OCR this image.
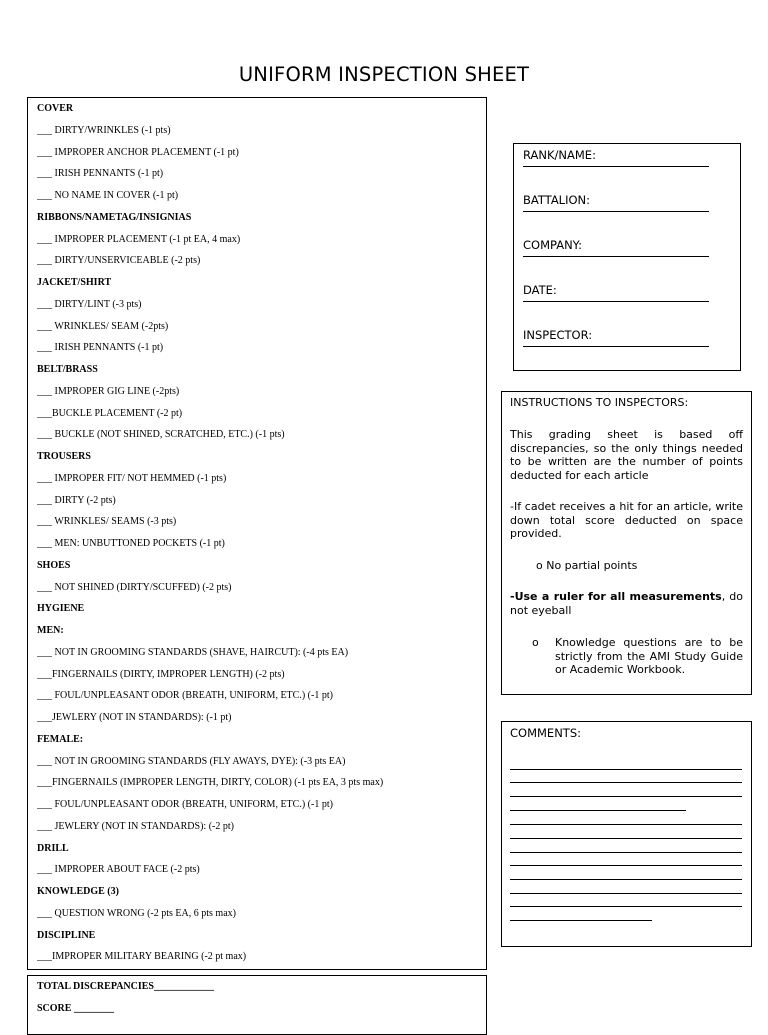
UNIFORM INSPECTION SHEET
COVER
___ DIRTY/WRINKLES (-1 pts)
___ IMPROPER ANCHOR PLACEMENT (-1 pt)
___ IRISH PENNANTS (-1 pt)
___ NO NAME IN COVER (-1 pt)
RIBBONS/NAMETAG/INSIGNIAS
___ IMPROPER PLACEMENT (-1 pt EA, 4 max)
___ DIRTY/UNSERVICEABLE (-2 pts)
JACKET/SHIRT
___ DIRTY/LINT (-3 pts)
___ WRINKLES/ SEAM (-2pts)
___ IRISH PENNANTS (-1 pt)
BELT/BRASS
___ IMPROPER GIG LINE (-2pts)
___BUCKLE PLACEMENT (-2 pt)
___ BUCKLE (NOT SHINED, SCRATCHED, ETC.) (-1 pts)
TROUSERS
___ IMPROPER FIT/ NOT HEMMED (-1 pts)
___ DIRTY (-2 pts)
___ WRINKLES/ SEAMS (-3 pts)
___ MEN: UNBUTTONED POCKETS (-1 pt)
SHOES
___ NOT SHINED (DIRTY/SCUFFED) (-2 pts)
HYGIENE
MEN:
___ NOT IN GROOMING STANDARDS (SHAVE, HAIRCUT): (-4 pts EA)
___FINGERNAILS (DIRTY, IMPROPER LENGTH) (-2 pts)
___ FOUL/UNPLEASANT ODOR (BREATH, UNIFORM, ETC.) (-1 pt)
___JEWLERY (NOT IN STANDARDS): (-1 pt)
FEMALE:
___ NOT IN GROOMING STANDARDS (FLY AWAYS, DYE): (-3 pts EA)
___FINGERNAILS (IMPROPER LENGTH, DIRTY, COLOR) (-1 pts EA, 3 pts max)
___ FOUL/UNPLEASANT ODOR (BREATH, UNIFORM, ETC.) (-1 pt)
___ JEWLERY (NOT IN STANDARDS): (-2 pt)
DRILL
___ IMPROPER ABOUT FACE (-2 pts)
KNOWLEDGE (3)
___ QUESTION WRONG (-2 pts EA, 6 pts max)
DISCIPLINE
___IMPROPER MILITARY BEARING (-2 pt max)
TOTAL DISCREPANCIES____________
SCORE ________
RANK/NAME:
BATTALION:
COMPANY:
DATE:
INSPECTOR:
INSTRUCTIONS TO INSPECTORS:
This grading sheet is based off discrepancies, so the only things needed to be written are the number of points deducted for each article
-If cadet receives a hit for an article, write down total score deducted on space provided.
o No partial points
-Use a ruler for all measurements, do not eyeball
o Knowledge questions are to be strictly from the AMI Study Guide or Academic Workbook.
COMMENTS:
